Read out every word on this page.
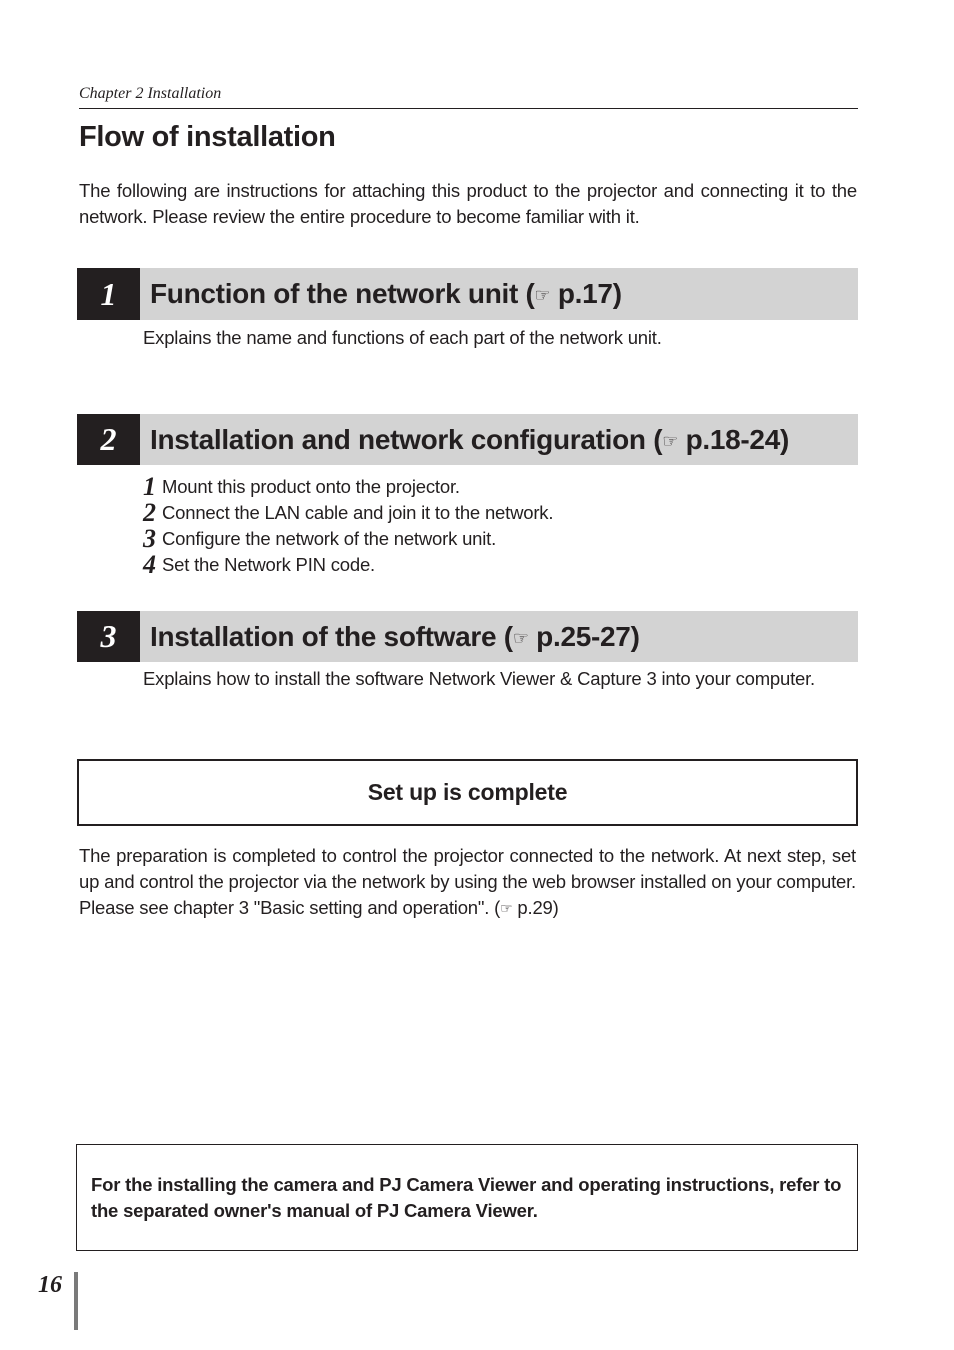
Chapter 2 Installation
Flow of installation

The following are instructions for attaching this product to the projector and connecting it to the network. Please review the entire procedure to become familiar with it.

1	Function of the network unit (☞ p.17)

Explains the name and functions of each part of the network unit.

2	Installation and network configuration (☞ p.18-24)
1 Mount this product onto the projector.
2 Connect the LAN cable and join it to the network.
3 Configure the network of the network unit.
4 Set the Network PIN code.
3	Installation of the software (☞ p.25-27)

Explains how to install the software Network Viewer & Capture 3 into your computer.

Set up is complete

The preparation is completed to control the projector connected to the network. At next step, set up and control the projector via the network by using the web browser installed on your computer. Please see chapter 3 "Basic setting and operation". (☞ p.29)

For the installing the camera and PJ Camera Viewer and operating instructions, refer to the separated owner's manual of PJ Camera Viewer.

16
